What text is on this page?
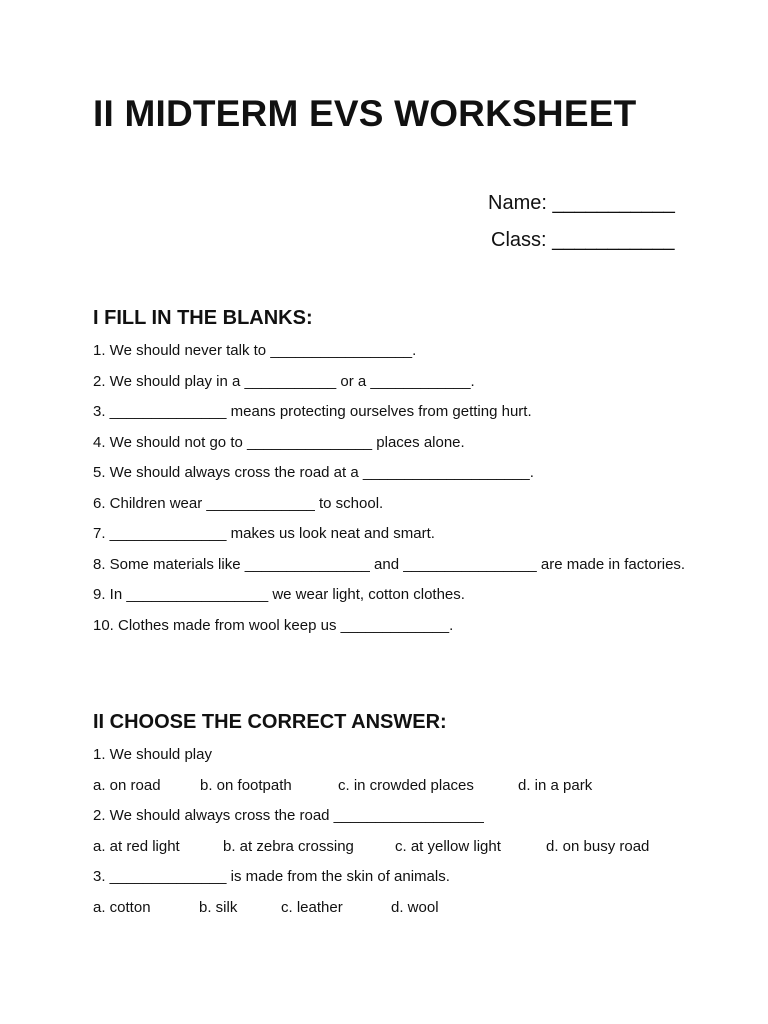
II MIDTERM EVS WORKSHEET
Name: ___________
Class: ___________
I FILL IN THE BLANKS:
1. We should never talk to _________________.
2. We should play in a ___________ or a ____________.
3. ______________ means protecting ourselves from getting hurt.
4. We should not go to _______________ places alone.
5. We should always cross the road at a ____________________.
6. Children wear _____________ to school.
7. ______________ makes us look neat and smart.
8. Some materials like _______________ and ________________ are made in factories.
9. In _________________ we wear light, cotton clothes.
10. Clothes made from wool keep us _____________.
II CHOOSE THE CORRECT ANSWER:
1. We should play
a. on road	b. on footpath	c. in crowded places	d. in a park
2. We should always cross the road __________________
a. at red light	b. at zebra crossing	c. at yellow light	d. on busy road
3. ______________ is made from the skin of animals.
a. cotton	b. silk	c. leather	d. wool
